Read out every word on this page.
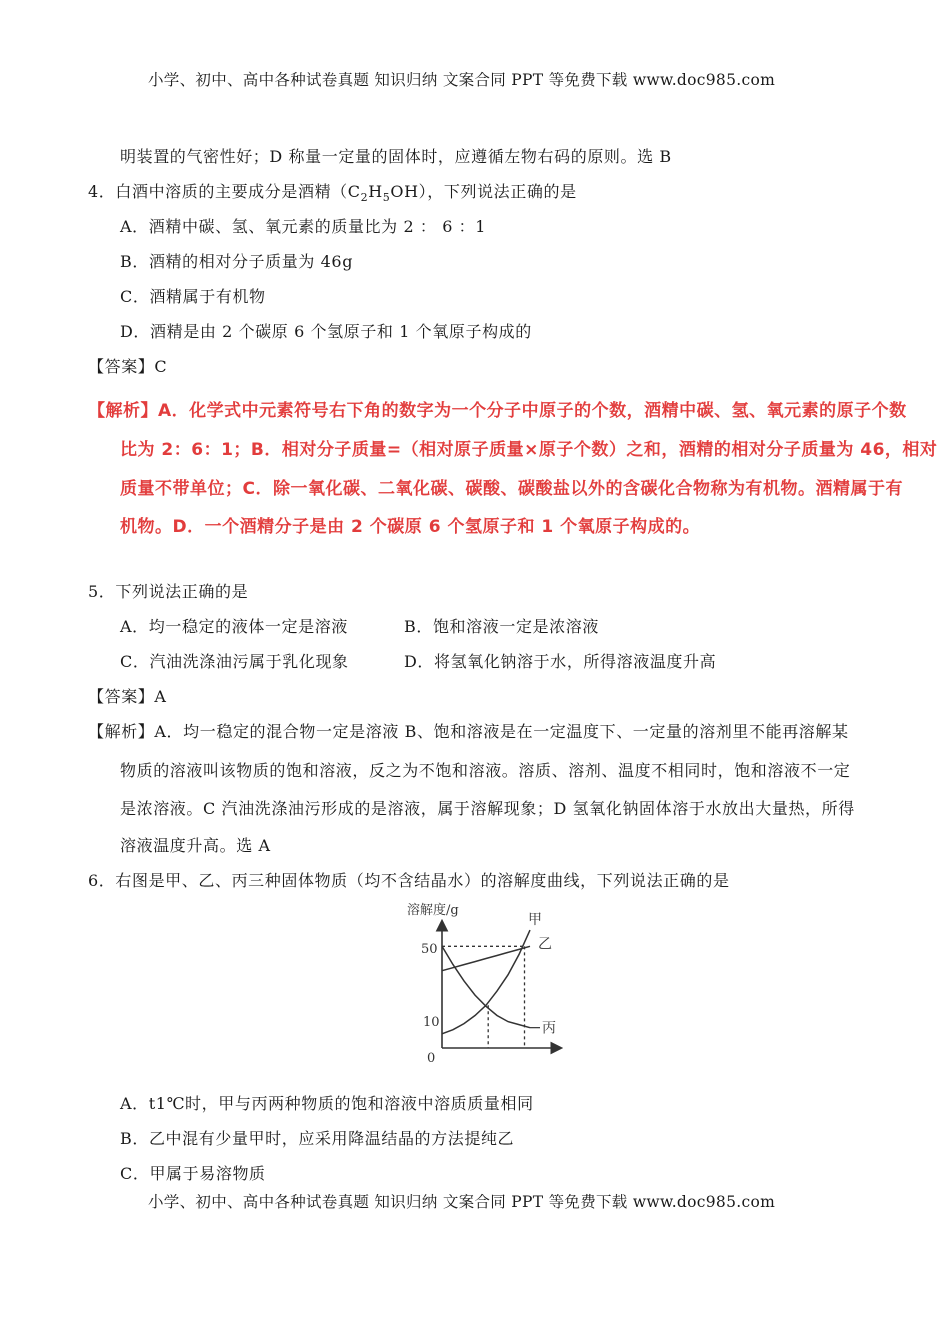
小学、初中、高中各种试卷真题 知识归纳 文案合同 PPT 等免费下载 www.doc985.com
明装置的气密性好；D 称量一定量的固体时，应遵循左物右码的原则。选 B
4．白酒中溶质的主要成分是酒精$(C_2H_5OH)$，下列说法正确的是
A．酒精中碳、氢、氧元素的质量比为 2 ： 6 ：1
B．酒精的相对分子质量为 46g
C．酒精属于有机物
D．酒精是由 2 个碳原 6 个氢原子和 1 个氧原子构成的
【答案】C
【解析】A．化学式中元素符号右下角的数字为一个分子中原子的个数，酒精中碳、氢、氧元素的原子个数
比为 2：6：1；B．相对分子质量=（相对原子质量×原子个数）之和，酒精的相对分子质量为 46，相对
质量不带单位；C．除一氧化碳、二氧化碳、碳酸、碳酸盐以外的含碳化合物称为有机物。酒精属于有
机物。D．一个酒精分子是由 2 个碳原 6 个氢原子和 1 个氧原子构成的。
5．下列说法正确的是
A．均一稳定的液体一定是溶液	B．饱和溶液一定是浓溶液
C．汽油洗涤油污属于乳化现象	D．将氢氧化钠溶于水，所得溶液温度升高
【答案】A
【解析】A．均一稳定的混合物一定是溶液 B、饱和溶液是在一定温度下、一定量的溶剂里不能再溶解某
物质的溶液叫该物质的饱和溶液，反之为不饱和溶液。溶质、溶剂、温度不相同时，饱和溶液不一定
是浓溶液。C 汽油洗涤油污形成的是溶液，属于溶解现象；D 氢氧化钠固体溶于水放出大量热，所得
溶液温度升高。选 A
6．右图是甲、乙、丙三种固体物质（均不含结晶水）的溶解度曲线，下列说法正确的是
溶解度/g
50
10
0
甲
乙
丙
A．t1℃时，甲与丙两种物质的饱和溶液中溶质质量相同
B．乙中混有少量甲时，应采用降温结晶的方法提纯乙
C．甲属于易溶物质
小学、初中、高中各种试卷真题 知识归纳 文案合同 PPT 等免费下载 www.doc985.com
